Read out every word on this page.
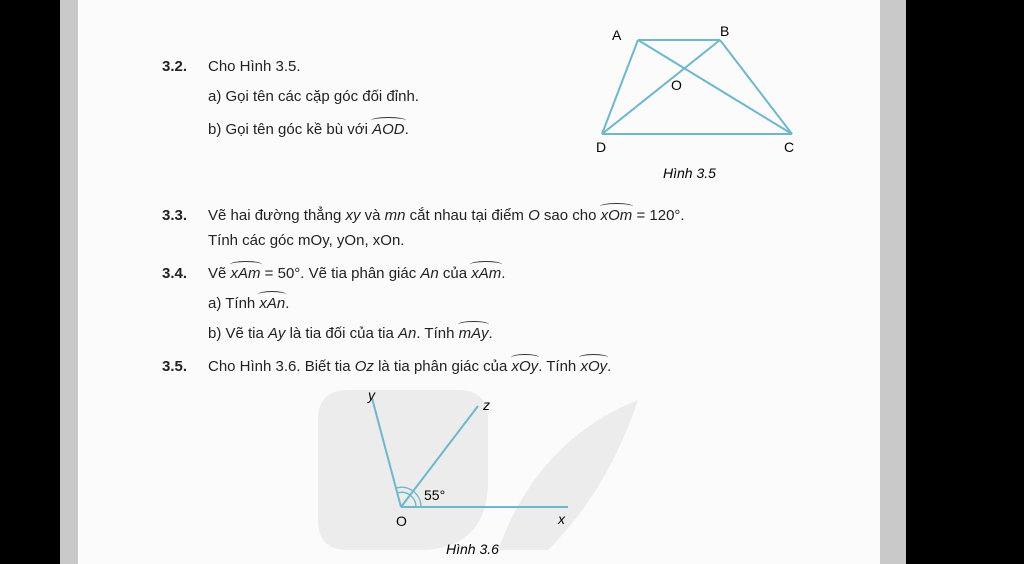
3.2. Cho Hình 3.5.
a) Gọi tên các cặp góc đối đỉnh.
b) Gọi tên góc kề bù với AOD.
A	B
C
D
O
Hình 3.5
3.3. Vẽ hai đường thẳng xy và mn cắt nhau tại điểm O sao cho xOm = 120°.
Tính các góc mOy, yOn, xOn.
3.4. Vẽ xAm = 50°. Vẽ tia phân giác An của xAm.
a) Tính xAn.
b) Vẽ tia Ay là tia đối của tia An. Tính mAy.
3.5. Cho Hình 3.6. Biết tia Oz là tia phân giác của xOy. Tính xOy.
y
z
O	x
55°
Hình 3.6
